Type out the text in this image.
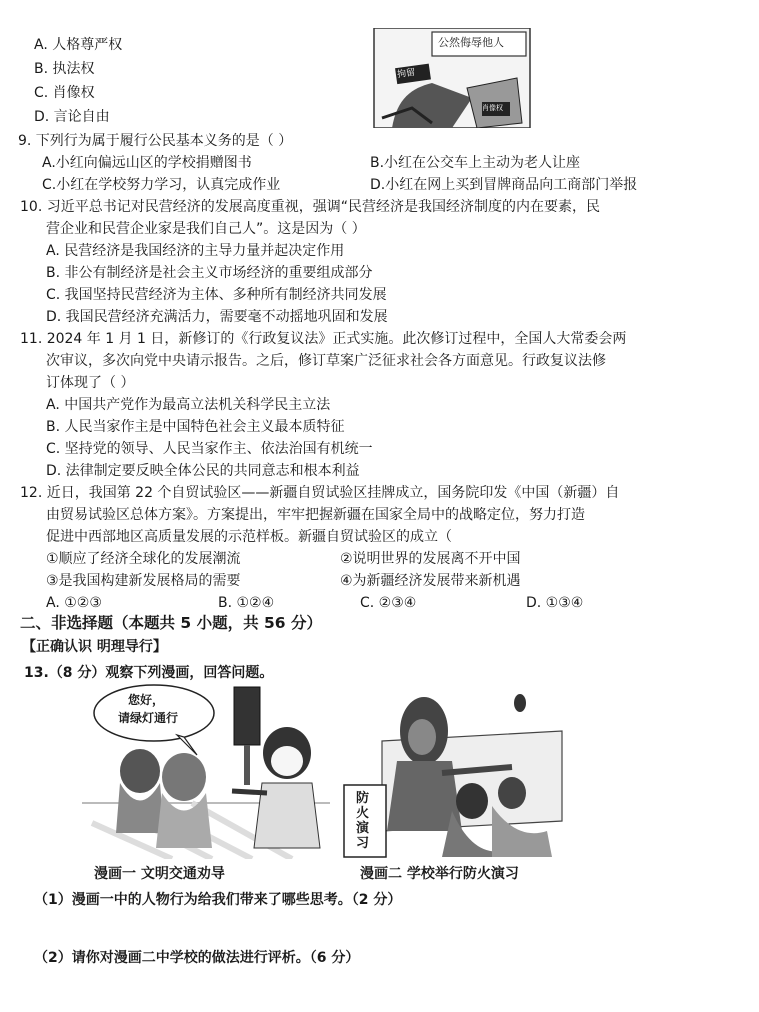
A. 人格尊严权
B. 执法权
C. 肖像权
D. 言论自由
公然侮辱他人
拘留
肖像权
9. 下列行为属于履行公民基本义务的是（ ）
A.小红向偏远山区的学校捐赠图书	B.小红在公交车上主动为老人让座
C.小红在学校努力学习，认真完成作业	D.小红在网上买到冒牌商品向工商部门举报
10. 习近平总书记对民营经济的发展高度重视，强调“民营经济是我国经济制度的内在要素，民
营企业和民营企业家是我们自己人”。这是因为（ ）
A. 民营经济是我国经济的主导力量并起决定作用
B. 非公有制经济是社会主义市场经济的重要组成部分
C. 我国坚持民营经济为主体、多种所有制经济共同发展
D. 我国民营经济充满活力，需要毫不动摇地巩固和发展
11. 2024 年 1 月 1 日，新修订的《行政复议法》正式实施。此次修订过程中，全国人大常委会两
次审议，多次向党中央请示报告。之后，修订草案广泛征求社会各方面意见。行政复议法修
订体现了（ ）
A. 中国共产党作为最高立法机关科学民主立法
B. 人民当家作主是中国特色社会主义最本质特征
C. 坚持党的领导、人民当家作主、依法治国有机统一
D. 法律制定要反映全体公民的共同意志和根本利益
12. 近日，我国第 22 个自贸试验区——新疆自贸试验区挂牌成立，国务院印发《中国（新疆）自
由贸易试验区总体方案》。方案提出，牢牢把握新疆在国家全局中的战略定位，努力打造
促进中西部地区高质量发展的示范样板。新疆自贸试验区的成立（
①顺应了经济全球化的发展潮流	②说明世界的发展离不开中国
③是我国构建新发展格局的需要	④为新疆经济发展带来新机遇
A. ①②③	B. ①②④	C. ②③④	D. ①③④
二、非选择题（本题共 5 小题，共 56 分）
【正确认识 明理导行】
13.（8 分）观察下列漫画，回答问题。
您好，
请绿灯通行
漫画一 文明交通劝导
防火演习
漫画二 学校举行防火演习
（1）漫画一中的人物行为给我们带来了哪些思考。（2 分）
（2）请你对漫画二中学校的做法进行评析。（6 分）
